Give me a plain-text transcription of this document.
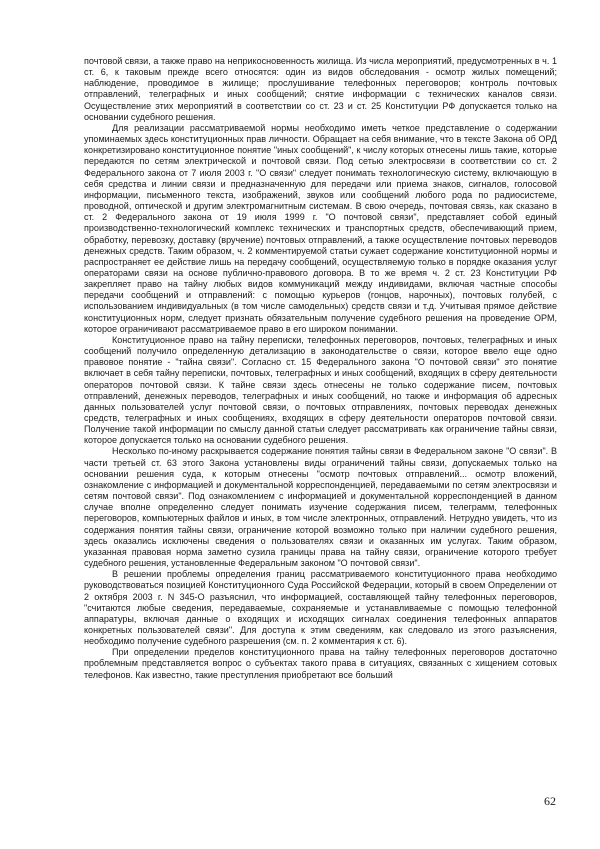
почтовой связи, а также право на неприкосновенность жилища. Из числа мероприятий, предусмотренных в ч. 1 ст. 6, к таковым прежде всего относятся: один из видов обследования - осмотр жилых помещений; наблюдение, проводимое в жилище; прослушивание телефонных переговоров; контроль почтовых отправлений, телеграфных и иных сообщений; снятие информации с технических каналов связи. Осуществление этих мероприятий в соответствии со ст. 23 и ст. 25 Конституции РФ допускается только на основании судебного решения.

Для реализации рассматриваемой нормы необходимо иметь четкое представление о содержании упоминаемых здесь конституционных прав личности. Обращает на себя внимание, что в тексте Закона об ОРД конкретизировано конституционное понятие "иных сообщений", к числу которых отнесены лишь такие, которые передаются по сетям электрической и почтовой связи. Под сетью электросвязи в соответствии со ст. 2 Федерального закона от 7 июля 2003 г. "О связи" следует понимать технологическую систему, включающую в себя средства и линии связи и предназначенную для передачи или приема знаков, сигналов, голосовой информации, письменного текста, изображений, звуков или сообщений любого рода по радиосистеме, проводной, оптической и другим электромагнитным системам. В свою очередь, почтовая связь, как сказано в ст. 2 Федерального закона от 19 июля 1999 г. "О почтовой связи", представляет собой единый производственно-технологический комплекс технических и транспортных средств, обеспечивающий прием, обработку, перевозку, доставку (вручение) почтовых отправлений, а также осуществление почтовых переводов денежных средств. Таким образом, ч. 2 комментируемой статьи сужает содержание конституционной нормы и распространяет ее действие лишь на передачу сообщений, осуществляемую только в порядке оказания услуг операторами связи на основе публично-правового договора. В то же время ч. 2 ст. 23 Конституции РФ закрепляет право на тайну любых видов коммуникаций между индивидами, включая частные способы передачи сообщений и отправлений: с помощью курьеров (гонцов, нарочных), почтовых голубей, с использованием индивидуальных (в том числе самодельных) средств связи и т.д. Учитывая прямое действие конституционных норм, следует признать обязательным получение судебного решения на проведение ОРМ, которое ограничивают рассматриваемое право в его широком понимании.

Конституционное право на тайну переписки, телефонных переговоров, почтовых, телеграфных и иных сообщений получило определенную детализацию в законодательстве о связи, которое ввело еще одно правовое понятие - "тайна связи". Согласно ст. 15 Федерального закона "О почтовой связи" это понятие включает в себя тайну переписки, почтовых, телеграфных и иных сообщений, входящих в сферу деятельности операторов почтовой связи. К тайне связи здесь отнесены не только содержание писем, почтовых отправлений, денежных переводов, телеграфных и иных сообщений, но также и информация об адресных данных пользователей услуг почтовой связи, о почтовых отправлениях, почтовых переводах денежных средств, телеграфных и иных сообщениях, входящих в сферу деятельности операторов почтовой связи. Получение такой информации по смыслу данной статьи следует рассматривать как ограничение тайны связи, которое допускается только на основании судебного решения.

Несколько по-иному раскрывается содержание понятия тайны связи в Федеральном законе "О связи". В части третьей ст. 63 этого Закона установлены виды ограничений тайны связи, допускаемых только на основании решения суда, к которым отнесены "осмотр почтовых отправлений... осмотр вложений, ознакомление с информацией и документальной корреспонденцией, передаваемыми по сетям электросвязи и сетям почтовой связи". Под ознакомлением с информацией и документальной корреспонденцией в данном случае вполне определенно следует понимать изучение содержания писем, телеграмм, телефонных переговоров, компьютерных файлов и иных, в том числе электронных, отправлений. Нетрудно увидеть, что из содержания понятия тайны связи, ограничение которой возможно только при наличии судебного решения, здесь оказались исключены сведения о пользователях связи и оказанных им услугах. Таким образом, указанная правовая норма заметно сузила границы права на тайну связи, ограничение которого требует судебного решения, установленные Федеральным законом "О почтовой связи".

В решении проблемы определения границ рассматриваемого конституционного права необходимо руководствоваться позицией Конституционного Суда Российской Федерации, который в своем Определении от 2 октября 2003 г. N 345-О разъяснил, что информацией, составляющей тайну телефонных переговоров, "считаются любые сведения, передаваемые, сохраняемые и устанавливаемые с помощью телефонной аппаратуры, включая данные о входящих и исходящих сигналах соединения телефонных аппаратов конкретных пользователей связи". Для доступа к этим сведениям, как следовало из этого разъяснения, необходимо получение судебного разрешения (см. п. 2 комментария к ст. 6).

При определении пределов конституционного права на тайну телефонных переговоров достаточно проблемным представляется вопрос о субъектах такого права в ситуациях, связанных с хищением сотовых телефонов. Как известно, такие преступления приобретают все больший

62
